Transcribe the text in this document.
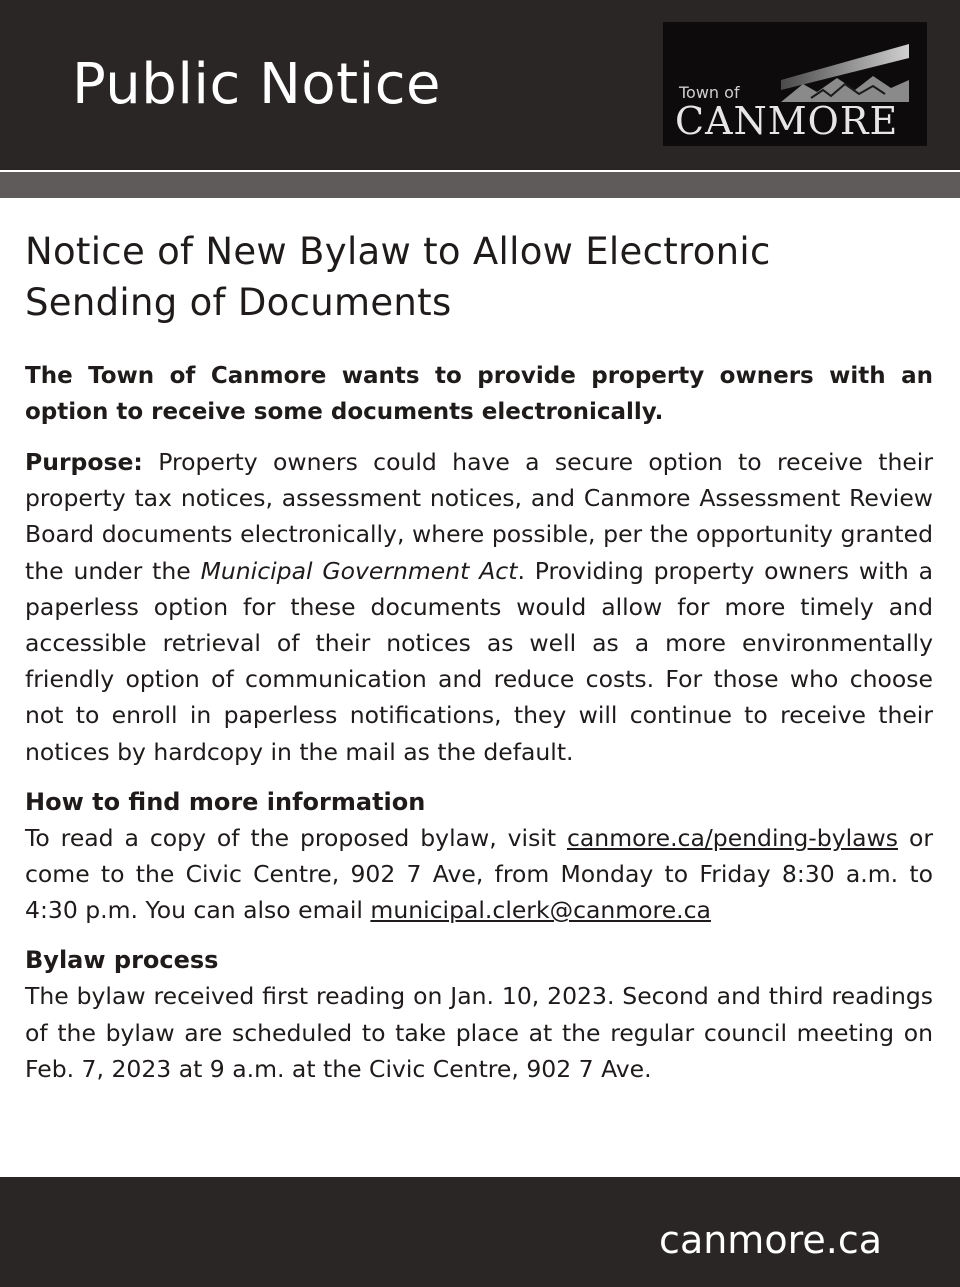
Public Notice	Town of
CANMORE
Notice of New Bylaw to Allow Electronic Sending of Documents

The Town of Canmore wants to provide property owners with an option to receive some documents electronically.

Purpose: Property owners could have a secure option to receive their property tax notices, assessment notices, and Canmore Assessment Review Board documents electronically, where possible, per the opportunity granted the under the Municipal Government Act. Providing property owners with a paperless option for these documents would allow for more timely and accessible retrieval of their notices as well as a more environmentally friendly option of communication and reduce costs. For those who choose not to enroll in paperless notifications, they will continue to receive their notices by hardcopy in the mail as the default.

How to find more information

To read a copy of the proposed bylaw, visit canmore.ca/pending-bylaws or come to the Civic Centre, 902 7 Ave, from Monday to Friday 8:30 a.m. to 4:30 p.m. You can also email municipal.clerk@canmore.ca

Bylaw process

The bylaw received first reading on Jan. 10, 2023. Second and third readings of the bylaw are scheduled to take place at the regular council meeting on Feb. 7, 2023 at 9 a.m. at the Civic Centre, 902 7 Ave.

canmore.ca
